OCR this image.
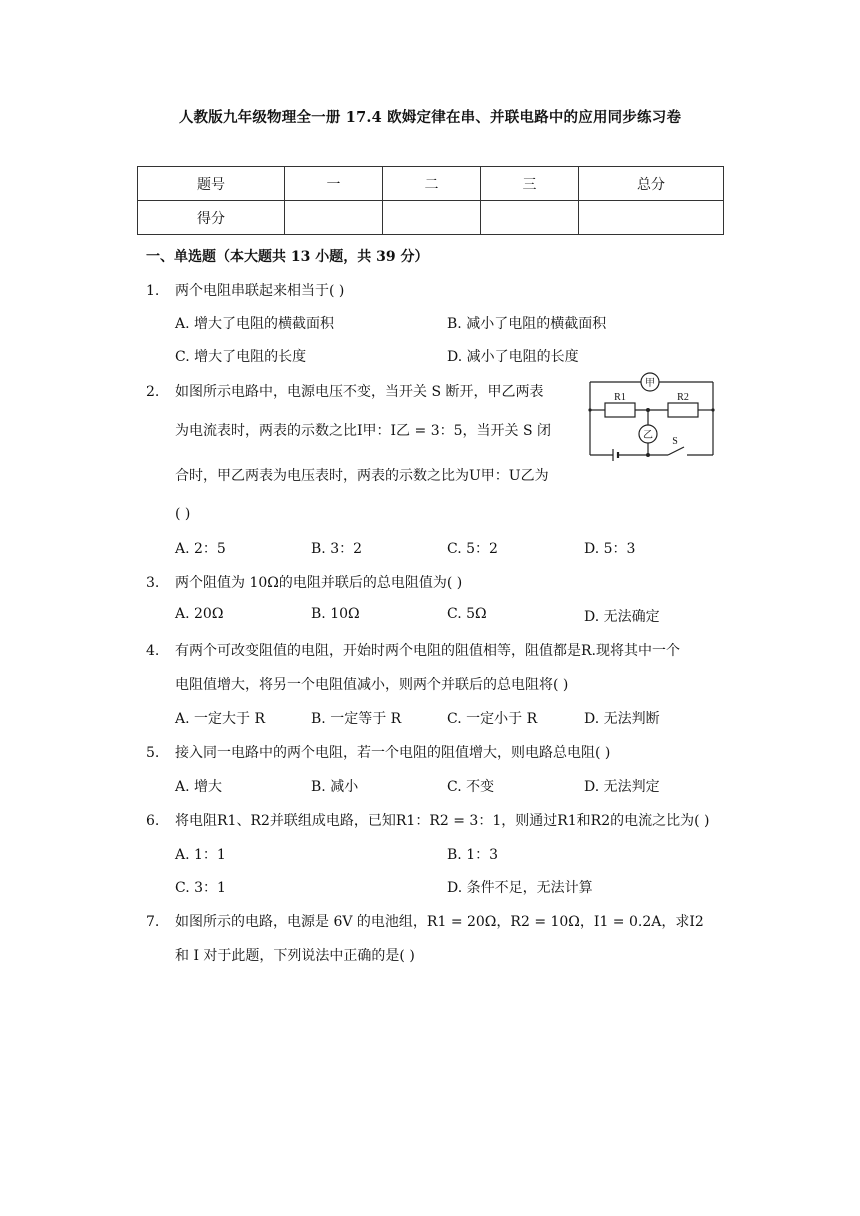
人教版九年级物理全一册 17.4 欧姆定律在串、并联电路中的应用同步练习卷
题号	一	二	三	总分
得分				
一、单选题（本大题共 13 小题，共 39 分）
1. 两个电阻串联起来相当于( )
A. 增大了电阻的横截面积	B. 减小了电阻的横截面积
C. 增大了电阻的长度	D. 减小了电阻的长度
2. 如图所示电路中，电源电压不变，当开关 S 断开，甲乙两表
为电流表时，两表的示数之比I甲：I乙 = 3：5，当开关 S 闭
合时，甲乙两表为电压表时，两表的示数之比为U甲：U乙为
( )
甲
乙
R1	R2
S
A. 2：5	B. 3：2	C. 5：2	D. 5：3
3. 两个阻值为 10Ω的电阻并联后的总电阻值为( )
A. 20Ω	B. 10Ω	C. 5Ω	D. 无法确定
4. 有两个可改变阻值的电阻，开始时两个电阻的阻值相等，阻值都是R.现将其中一个
电阻值增大，将另一个电阻值减小，则两个并联后的总电阻将( )
A. 一定大于 R	B. 一定等于 R	C. 一定小于 R	D. 无法判断
5. 接入同一电路中的两个电阻，若一个电阻的阻值增大，则电路总电阻( )
A. 增大	B. 减小	C. 不变	D. 无法判定
6. 将电阻R1、R2并联组成电路，已知R1：R2 = 3：1，则通过R1和R2的电流之比为( )
A. 1：1	B. 1：3
C. 3：1	D. 条件不足，无法计算
7. 如图所示的电路，电源是 6V 的电池组，R1 = 20Ω，R2 = 10Ω，I1 = 0.2A，求I2
和 I 对于此题，下列说法中正确的是( )
